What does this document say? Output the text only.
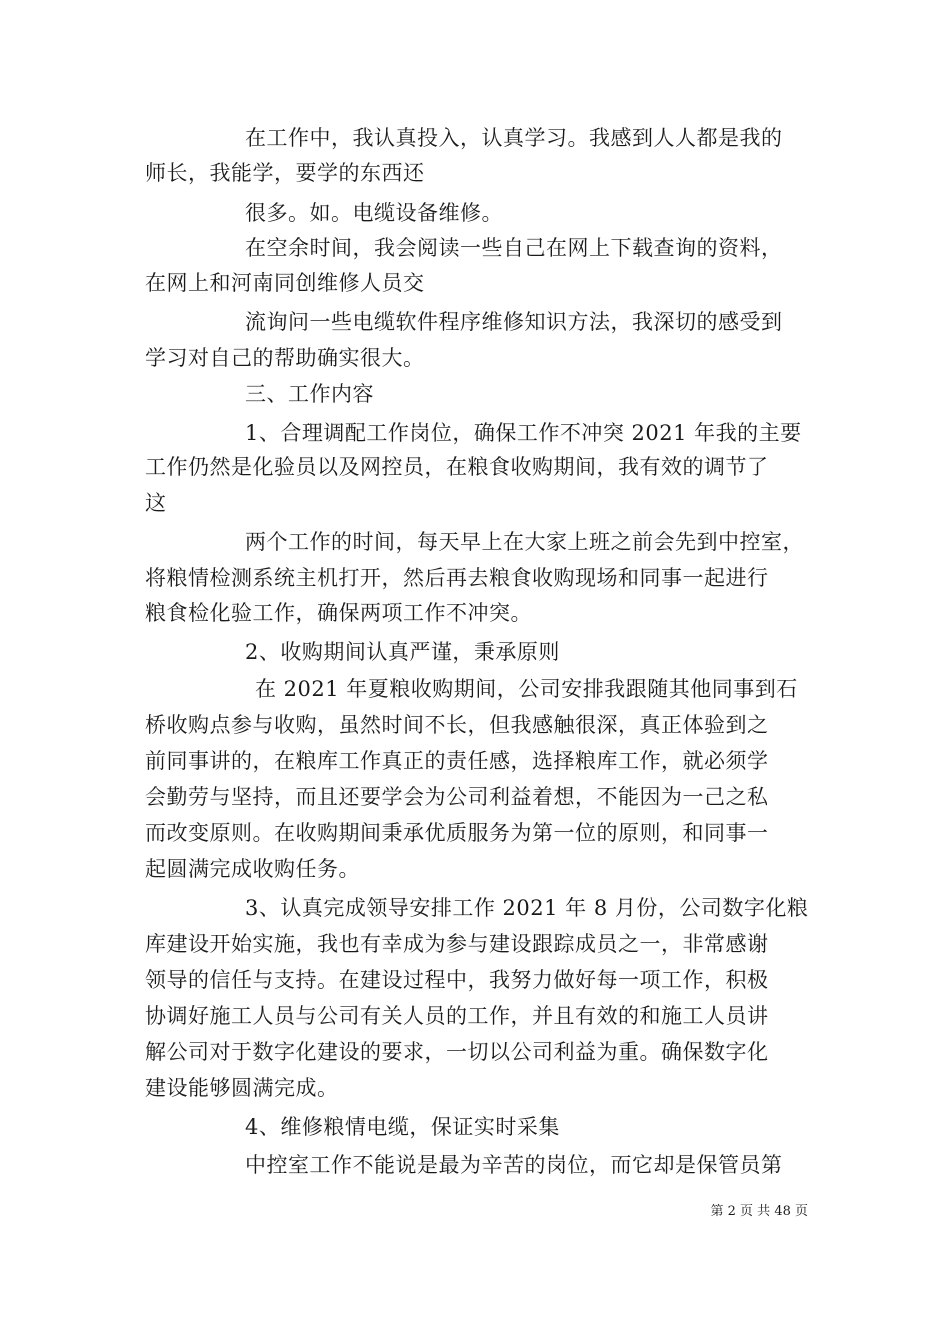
在工作中，我认真投入，认真学习。我感到人人都是我的
师长，我能学，要学的东西还
很多。如。电缆设备维修。
在空余时间，我会阅读一些自己在网上下载查询的资料，
在网上和河南同创维修人员交
流询问一些电缆软件程序维修知识方法，我深切的感受到
学习对自己的帮助确实很大。
三、工作内容
1、合理调配工作岗位，确保工作不冲突 2021 年我的主要
工作仍然是化验员以及网控员，在粮食收购期间，我有效的调节了
这
两个工作的时间，每天早上在大家上班之前会先到中控室，
将粮情检测系统主机打开，然后再去粮食收购现场和同事一起进行
粮食检化验工作，确保两项工作不冲突。
2、收购期间认真严谨，秉承原则
在 2021 年夏粮收购期间，公司安排我跟随其他同事到石
桥收购点参与收购，虽然时间不长，但我感触很深，真正体验到之
前同事讲的，在粮库工作真正的责任感，选择粮库工作，就必须学
会勤劳与坚持，而且还要学会为公司利益着想，不能因为一己之私
而改变原则。在收购期间秉承优质服务为第一位的原则，和同事一
起圆满完成收购任务。
3、认真完成领导安排工作 2021 年 8 月份，公司数字化粮
库建设开始实施，我也有幸成为参与建设跟踪成员之一，非常感谢
领导的信任与支持。在建设过程中，我努力做好每一项工作，积极
协调好施工人员与公司有关人员的工作，并且有效的和施工人员讲
解公司对于数字化建设的要求，一切以公司利益为重。确保数字化
建设能够圆满完成。
4、维修粮情电缆，保证实时采集
中控室工作不能说是最为辛苦的岗位，而它却是保管员第
第 2 页 共 48 页
